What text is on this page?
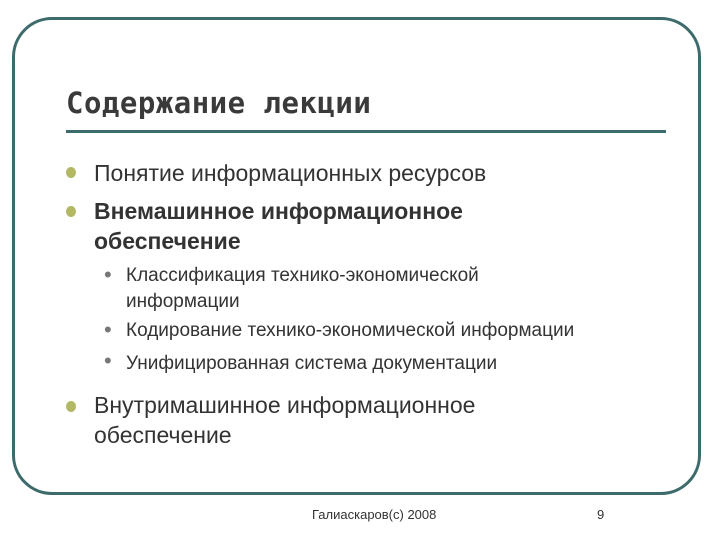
Содержание лекции

Понятие информационных ресурсов

Внемашинное информационное

обеспечение

• Классификация технико-экономической

информации

• Кодирование технико-экономической информации

• Унифицированная система документации

Внутримашинное информационное

обеспечение

Галиаскаров(с) 2008	9
